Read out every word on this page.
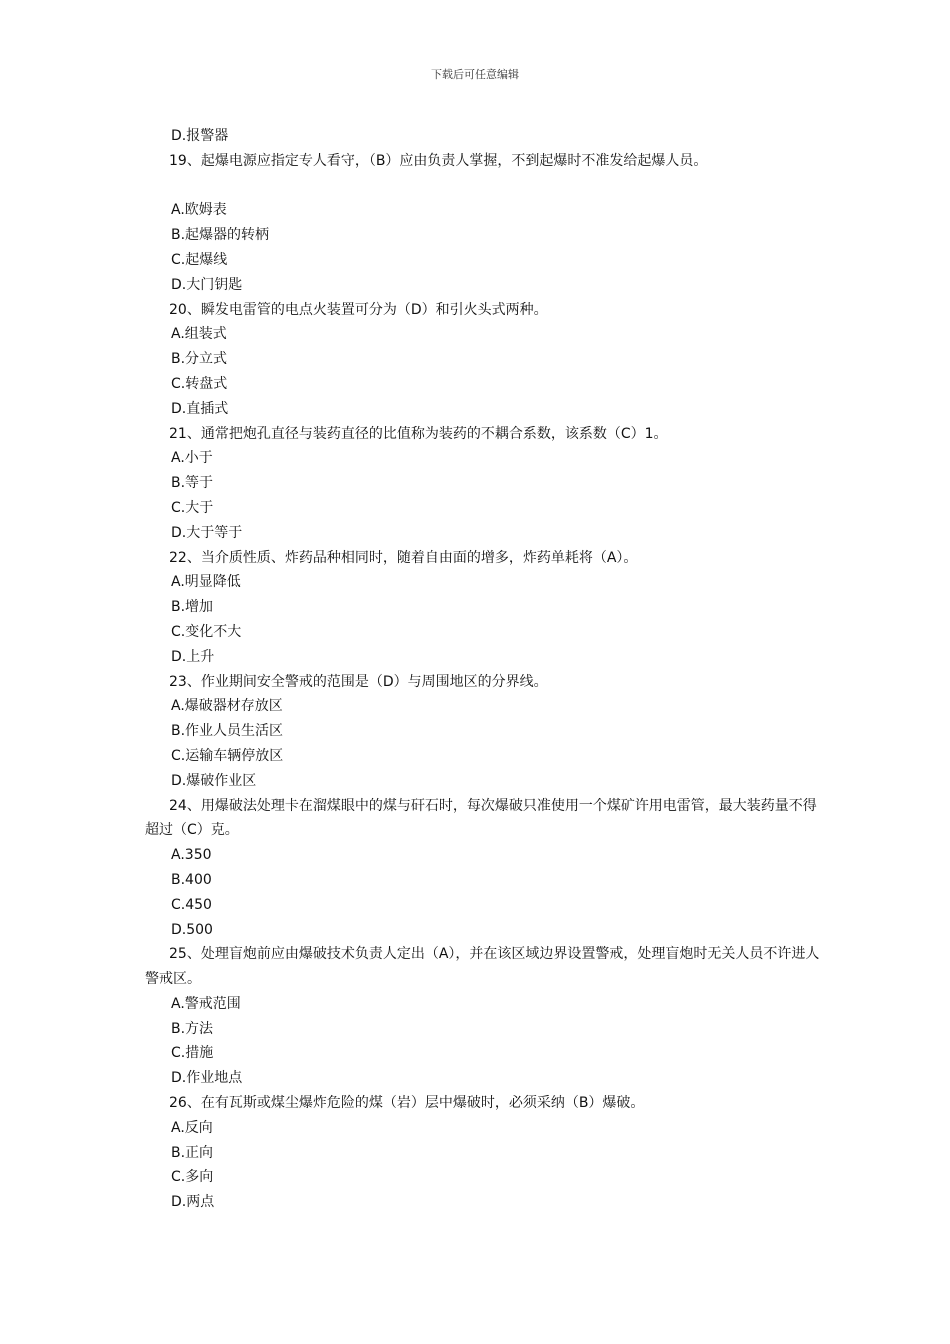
下载后可任意编辑
D.报警器
19、起爆电源应指定专人看守，（B）应由负责人掌握，不到起爆时不准发给起爆人员。
A.欧姆表
B.起爆器的转柄
C.起爆线
D.大门钥匙
20、瞬发电雷管的电点火装置可分为（D）和引火头式两种。
A.组装式
B.分立式
C.转盘式
D.直插式
21、通常把炮孔直径与装药直径的比值称为装药的不耦合系数，该系数（C）1。
A.小于
B.等于
C.大于
D.大于等于
22、当介质性质、炸药品种相同时，随着自由面的增多，炸药单耗将（A）。
A.明显降低
B.增加
C.变化不大
D.上升
23、作业期间安全警戒的范围是（D）与周围地区的分界线。
A.爆破器材存放区
B.作业人员生活区
C.运输车辆停放区
D.爆破作业区
24、用爆破法处理卡在溜煤眼中的煤与矸石时，每次爆破只准使用一个煤矿许用电雷管，最大装药量不得超过（C）克。
A.350
B.400
C.450
D.500
25、处理盲炮前应由爆破技术负责人定出（A），并在该区域边界设置警戒，处理盲炮时无关人员不许进人警戒区。
A.警戒范围
B.方法
C.措施
D.作业地点
26、在有瓦斯或煤尘爆炸危险的煤（岩）层中爆破时，必须采纳（B）爆破。
A.反向
B.正向
C.多向
D.两点
